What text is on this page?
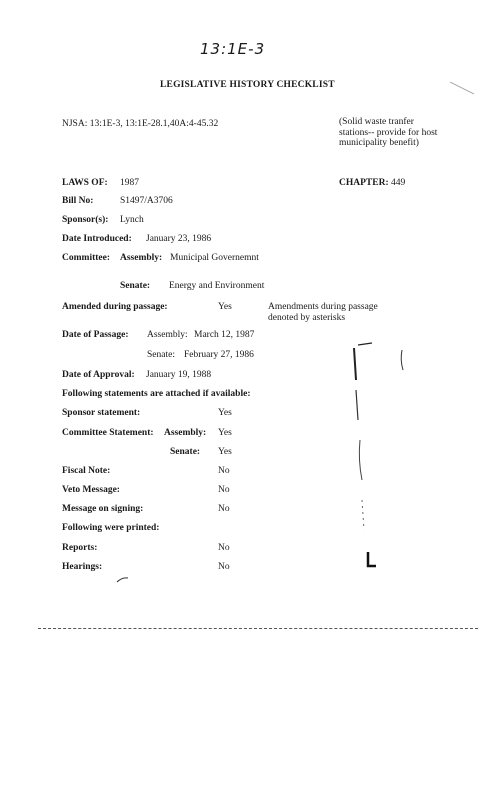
13:1E-3
LEGISLATIVE HISTORY CHECKLIST
NJSA: 13:1E-3, 13:1E-28.1,40A:4-45.32	(Solid waste tranfer stations-- provide for host municipality benefit)
LAWS OF: 1987	CHAPTER: 449
Bill No:	S1497/A3706
Sponsor(s): Lynch
Date Introduced: January 23, 1986
Committee: Assembly: Municipal Governemnt
Senate: Energy and Environment
Amended during passage:	Yes	Amendments during passage denoted by asterisks
Date of Passage: Assembly: March 12, 1987
Senate: February 27, 1986
Date of Approval: January 19, 1988
Following statements are attached if available:
Sponsor statement:	Yes
Committee Statement: Assembly: Yes
Senate: Yes
Fiscal Note:	No
Veto Message:	No
Message on signing:	No
Following were printed:
Reports:	No
Hearings:	No
